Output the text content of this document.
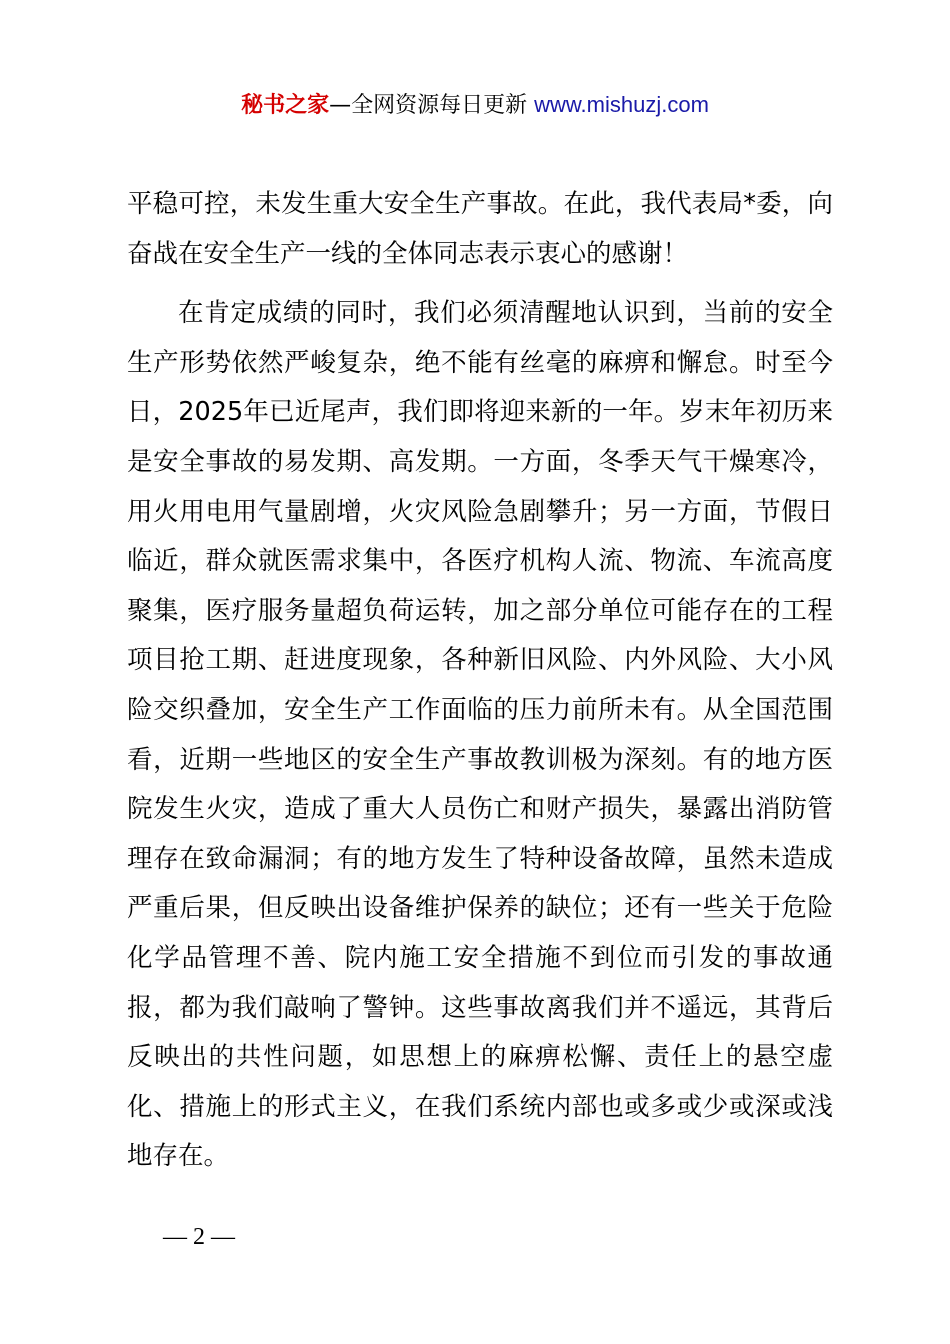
秘书之家—全网资源每日更新 www.mishuzj.com

平稳可控，未发生重大安全生产事故。在此，我代表局*委，向奋战在安全生产一线的全体同志表示衷心的感谢！

在肯定成绩的同时，我们必须清醒地认识到，当前的安全生产形势依然严峻复杂，绝不能有丝毫的麻痹和懈怠。时至今日，2025年已近尾声，我们即将迎来新的一年。岁末年初历来是安全事故的易发期、高发期。一方面，冬季天气干燥寒冷，用火用电用气量剧增，火灾风险急剧攀升；另一方面，节假日临近，群众就医需求集中，各医疗机构人流、物流、车流高度聚集，医疗服务量超负荷运转，加之部分单位可能存在的工程项目抢工期、赶进度现象，各种新旧风险、内外风险、大小风险交织叠加，安全生产工作面临的压力前所未有。从全国范围看，近期一些地区的安全生产事故教训极为深刻。有的地方医院发生火灾，造成了重大人员伤亡和财产损失，暴露出消防管理存在致命漏洞；有的地方发生了特种设备故障，虽然未造成严重后果，但反映出设备维护保养的缺位；还有一些关于危险化学品管理不善、院内施工安全措施不到位而引发的事故通报，都为我们敲响了警钟。这些事故离我们并不遥远，其背后反映出的共性问题，如思想上的麻痹松懈、责任上的悬空虚化、措施上的形式主义，在我们系统内部也或多或少或深或浅地存在。

— 2 —
